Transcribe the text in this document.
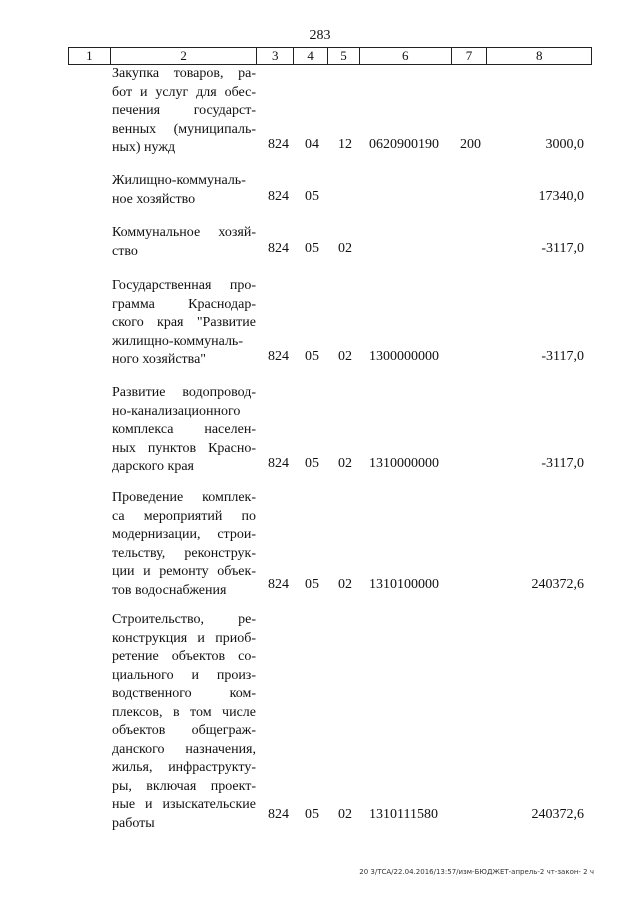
283
1	2	3	4	5	6	7	8
Закупка товаров, ра-
бот и услуг для обес-
печения государст-
венных (муниципаль-
ных) нужд	824 04 12 0620900190 200	3000,0
Жилищно-коммуналь-
ное хозяйство	824 05	17340,0
Коммунальное хозяй-
ство	824 05 02	-3117,0
Государственная про-
грамма Краснодар-
ского края "Развитие
жилищно-коммуналь-
ного хозяйства"	824 05 02 1300000000	-3117,0
Развитие водопровод-
но-канализационного
комплекса населен-
ных пунктов Красно-
дарского края	824 05 02 1310000000	-3117,0
Проведение комплек-
са мероприятий по
модернизации, строи-
тельству, реконструк-
ции и ремонту объек-
тов водоснабжения	824 05 02 1310100000	240372,6
Строительство, ре-
конструкция и приоб-
ретение объектов со-
циального и произ-
водственного ком-
плексов, в том числе
объектов общеграж-
данского назначения,
жилья, инфраструкту-
ры, включая проект-
ные и изыскательские
работы
824 05 02 1310111580	240372,6
20 3/ТСА/22.04.2016/13:57/изм-БЮДЖЕТ-апрель-2 чт-закон- 2 ч
